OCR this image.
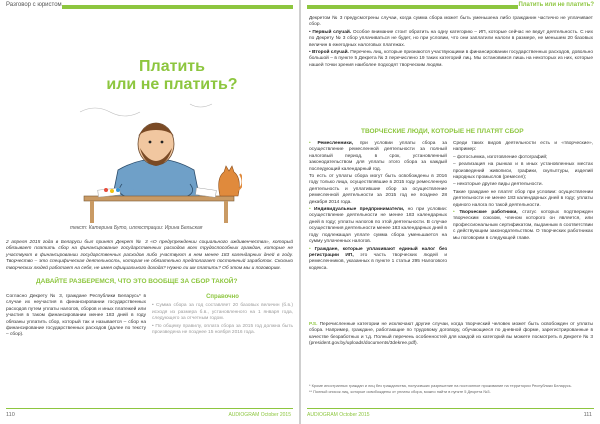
Разговор с юристом
Платить
или не платить?
текст: Катерина Буто, иллюстрации: Ирина Бельская
2 апреля 2015 года в Беларуси был принят Декрет № 3 «О предупреждении социального иждивенчества», который обязывает платить сбор на финансирование государственных расходов всех трудоспособных граждан, которые не участвуют в финансировании государственных расходов либо участвуют в нем менее 183 календарных дней в году. Творчество – это специфическая деятельность, которая не обязательно предполагает постоянный заработок. Сколько творческих людей работает на себя, не имея официального дохода? Нужно ли им платить? Об этом мы и поговорим.
ДАВАЙТЕ РАЗБЕРЕМСЯ, ЧТО ЭТО ВООБЩЕ ЗА СБОР ТАКОЙ?

Согласно Декрету № 3, граждане Республики Беларусь* в случае их неучастия в финансировании государственных расходов путем уплаты налогов, сборов и иных платежей или участия в таком финансировании менее 183 дней в году обязаны уплатить сбор, который так и называется – сбор на финансирование государственных расходов (далее по тексту – сбор).

Справочно

• Сумма сбора за год составляет 20 базовых величин (б.в.) исходя из размера б.в., установленного на 1 января года, следующего за отчетным годом.

• По общему правилу, оплата сбора за 2015 год должна быть произведена не позднее 15 ноября 2016 года.

110	AUDIOGRAM October 2015
Платить или не платить?

Декретом № 3 предусмотрены случаи, когда сумма сбора может быть уменьшена либо гражданин частично не уплачивает сбор.

• Первый случай. Особое внимание стоит обратить на одну категорию – ИП, которые сейчас не ведут деятельность. С них по Декрету № 3 сбор уплачиваться не будет, но при условии, что они заплатили налоги в размере, не меньшем 20 базовых величин в ежегодных налоговых платежах.

• Второй случай. Перечень лиц, которые признаются участвующими в финансировании государственных расходов, довольно большой – в пункте 5 Декрета № 3 перечислено 19 таких категорий лиц. Мы остановимся лишь на некоторых из них, которые нашей точки зрения наиболее подходят творческим людям.

ТВОРЧЕСКИЕ ЛЮДИ, КОТОРЫЕ НЕ ПЛАТЯТ СБОР

• Ремесленники, при условии уплаты сбора за осуществление ремесленной деятельности за полный налоговый период, в срок, установленный законодательством для уплаты этого сбора за каждый последующий календарный год.

То есть от уплаты сбора могут быть освобождены в 2016 году только лица, осуществлявшие в 2015 году ремесленную деятельность и уплатившие сбор за осуществление ремесленной деятельности за 2015 год не позднее 28 декабря 2014 года.

• Индивидуальные предприниматели, но при условии: осуществление деятельности не менее 183 календарных дней в году; уплаты налогов по этой деятельности. В случае осуществления деятельности менее 183 календарных дней в году подлежащая уплате сумма сбора уменьшается на сумму уплаченных налогов.

• Граждане, которые уплачивают единый налог без регистрации ИП, это часть творческих людей и ремесленников, указанных в пункте 1 статьи 295 Налогового кодекса.

Среди таких видов деятельности есть и «творческие», например:

– фотосъемка, изготовление фотографий;

– реализация на рынках и в иных установленных местах произведений живописи, графики, скульптуры, изделий народных промыслов (ремесел);

– некоторые другие виды деятельности.

Такие граждане не платят сбор при условии: осуществлении деятельности не менее 183 календарных дней в году; уплаты единого налога по такой деятельности.

• Творческие работники, статус которых подтвержден творческим союзом, членом которого он является, или профессиональным сертификатом, выданным в соответствии с действующим законодательством. О творческих работниках мы поговорим в следующей главе.

P.S. Перечисленные категории не исключают другие случаи, когда творческий человек может быть освобожден от уплаты сбора. Например, граждане, работающие по трудовому договору, обучающиеся по дневной форме, зарегистрированные в качестве безработных и т.д. Полный перечень особенностей для каждой из категорий вы можете посмотреть в Декрете № 3 (president.gov.by/uploads/documents/3dekree.pdf).

* Кроме иностранных граждан и лиц без гражданства, получивших разрешение на постоянное проживание на территории Республики Беларусь.

** Полный список лиц, которые освобождены от уплаты сбора, можно найти в пункте 5 Декрета №3.

AUDIOGRAM October 2015	111
